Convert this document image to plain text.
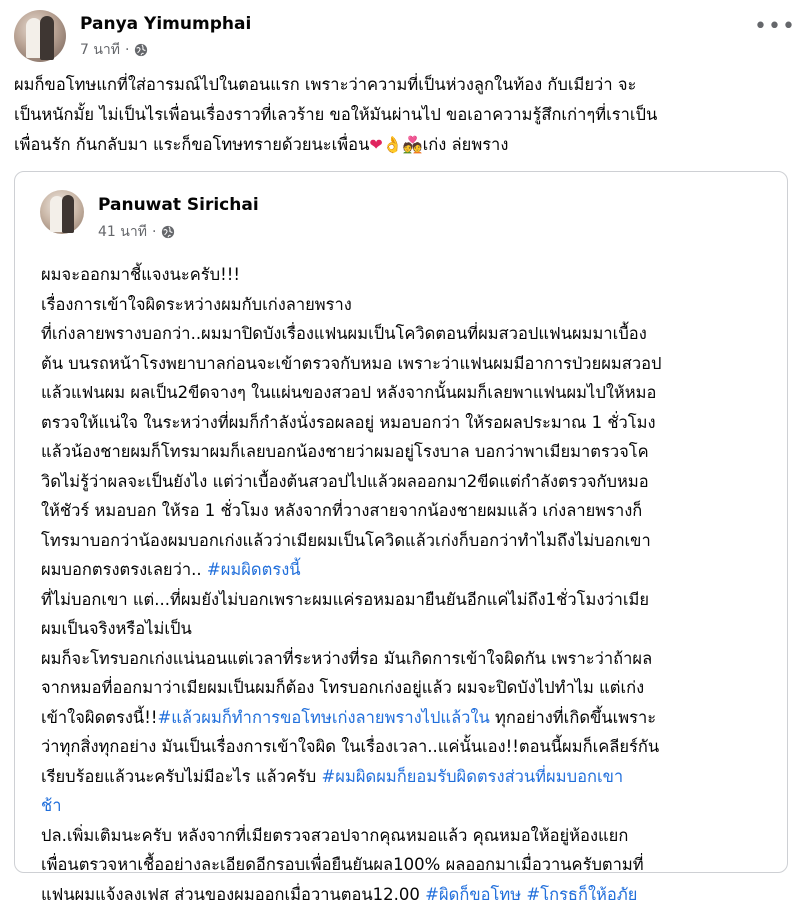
Panya Yimumphai
7 นาที ·
•••

ผมก็ขอโทษแกที่ใส่อารมณ์ไปในตอนแรก เพราะว่าความที่เป็นห่วงลูกในท้อง กับเมียว่า จะ

เป็นหนักมั้ย ไม่เป็นไรเพื่อนเรื่องราวที่เลวร้าย ขอให้มันผ่านไป ขอเอาความรู้สึกเก่าๆที่เราเป็น

เพื่อนรัก กันกลับมา แระก็ขอโทษทรายด้วยนะเพื่อน❤👌💑เก่ง ล่ยพราง

Panuwat Sirichai
41 นาที ·

ผมจะออกมาชี้แจงนะครับ!!!

เรื่องการเข้าใจผิดระหว่างผมกับเก่งลายพราง

ที่เก่งลายพรางบอกว่า..ผมมาปิดบังเรื่องแฟนผมเป็นโควิดตอนที่ผมสวอปแฟนผมมาเบื้อง

ต้น บนรถหน้าโรงพยาบาลก่อนจะเข้าตรวจกับหมอ เพราะว่าแฟนผมมีอาการป่วยผมสวอป

แล้วแฟนผม ผลเป็น2ขีดจางๆ ในแผ่นของสวอป หลังจากนั้นผมก็เลยพาแฟนผมไปให้หมอ

ตรวจให้แน่ใจ ในระหว่างที่ผมก็กำลังนั่งรอผลอยู่ หมอบอกว่า ให้รอผลประมาณ 1 ชั่วโมง

แล้วน้องชายผมก็โทรมาผมก็เลยบอกน้องชายว่าผมอยู่โรงบาล บอกว่าพาเมียมาตรวจโค

วิดไม่รู้ว่าผลจะเป็นยังไง แต่ว่าเบื้องต้นสวอปไปแล้วผลออกมา2ขีดแต่กำลังตรวจกับหมอ

ให้ชัวร์ หมอบอก ให้รอ 1 ชั่วโมง หลังจากที่วางสายจากน้องชายผมแล้ว เก่งลายพรางก็

โทรมาบอกว่าน้องผมบอกเก่งแล้วว่าเมียผมเป็นโควิดแล้วเก่งก็บอกว่าทำไมถึงไม่บอกเขา

ผมบอกตรงตรงเลยว่า.. #ผมผิดตรงนี้

ที่ไม่บอกเขา แต่...ที่ผมยังไม่บอกเพราะผมแค่รอหมอมายืนยันอีกแค่ไม่ถึง1ชั่วโมงว่าเมีย

ผมเป็นจริงหรือไม่เป็น

ผมก็จะโทรบอกเก่งแน่นอนแต่เวลาที่ระหว่างที่รอ มันเกิดการเข้าใจผิดกัน เพราะว่าถ้าผล

จากหมอที่ออกมาว่าเมียผมเป็นผมก็ต้อง โทรบอกเก่งอยู่แล้ว ผมจะปิดบังไปทำไม แต่เก่ง

เข้าใจผิดตรงนี้!!#แล้วผมก็ทำการขอโทษเก่งลายพรางไปแล้วใน ทุกอย่างที่เกิดขึ้นเพราะ

ว่าทุกสิ่งทุกอย่าง มันเป็นเรื่องการเข้าใจผิด ในเรื่องเวลา..แค่นั้นเอง!!ตอนนี้ผมก็เคลียร์กัน

เรียบร้อยแล้วนะครับไม่มีอะไร แล้วครับ #ผมผิดผมก็ยอมรับผิดตรงส่วนที่ผมบอกเขา

ช้า

ปล.เพิ่มเติมนะครับ หลังจากที่เมียตรวจสวอปจากคุณหมอแล้ว คุณหมอให้อยู่ห้องแยก

เพื่อนตรวจหาเชื้ออย่างละเอียดอีกรอบเพื่อยืนยันผล100% ผลออกมาเมื่อวานครับตามที่

แฟนผมแจ้งลงเฟส ส่วนของผมออกเมื่อวานตอน12.00 #ผิดก็ขอโทษ #โกรธก็ให้อภัย
